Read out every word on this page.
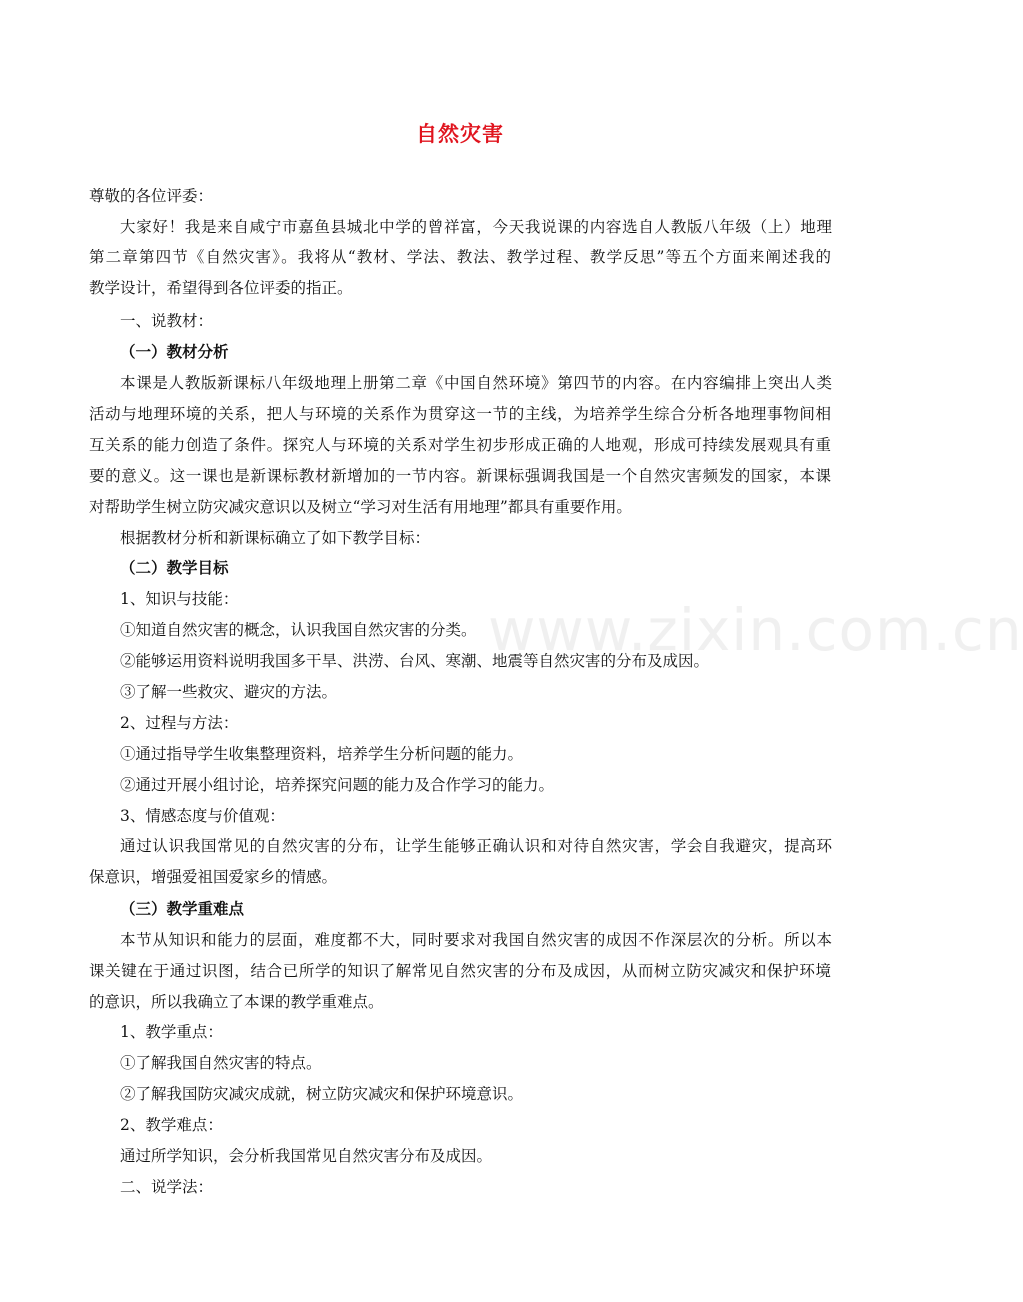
www.zixin.com.cn
自然灾害
尊敬的各位评委：
大家好！我是来自咸宁市嘉鱼县城北中学的曾祥富，今天我说课的内容选自人教版八年级（上）地理
第二章第四节《自然灾害》。我将从“教材、学法、教法、教学过程、教学反思”等五个方面来阐述我的
教学设计，希望得到各位评委的指正。
一、说教材：
（一）教材分析
本课是人教版新课标八年级地理上册第二章《中国自然环境》第四节的内容。在内容编排上突出人类
活动与地理环境的关系，把人与环境的关系作为贯穿这一节的主线，为培养学生综合分析各地理事物间相
互关系的能力创造了条件。探究人与环境的关系对学生初步形成正确的人地观，形成可持续发展观具有重
要的意义。这一课也是新课标教材新增加的一节内容。新课标强调我国是一个自然灾害频发的国家，本课
对帮助学生树立防灾减灾意识以及树立“学习对生活有用地理”都具有重要作用。
根据教材分析和新课标确立了如下教学目标：
（二）教学目标
1、知识与技能：
①知道自然灾害的概念，认识我国自然灾害的分类。
②能够运用资料说明我国多干旱、洪涝、台风、寒潮、地震等自然灾害的分布及成因。
③了解一些救灾、避灾的方法。
2、过程与方法：
①通过指导学生收集整理资料，培养学生分析问题的能力。
②通过开展小组讨论，培养探究问题的能力及合作学习的能力。
3、情感态度与价值观：
通过认识我国常见的自然灾害的分布，让学生能够正确认识和对待自然灾害，学会自我避灾，提高环
保意识，增强爱祖国爱家乡的情感。
（三）教学重难点
本节从知识和能力的层面，难度都不大，同时要求对我国自然灾害的成因不作深层次的分析。所以本
课关键在于通过识图，结合已所学的知识了解常见自然灾害的分布及成因，从而树立防灾减灾和保护环境
的意识，所以我确立了本课的教学重难点。
1、教学重点：
①了解我国自然灾害的特点。
②了解我国防灾减灾成就，树立防灾减灾和保护环境意识。
2、教学难点：
通过所学知识，会分析我国常见自然灾害分布及成因。
二、说学法：
